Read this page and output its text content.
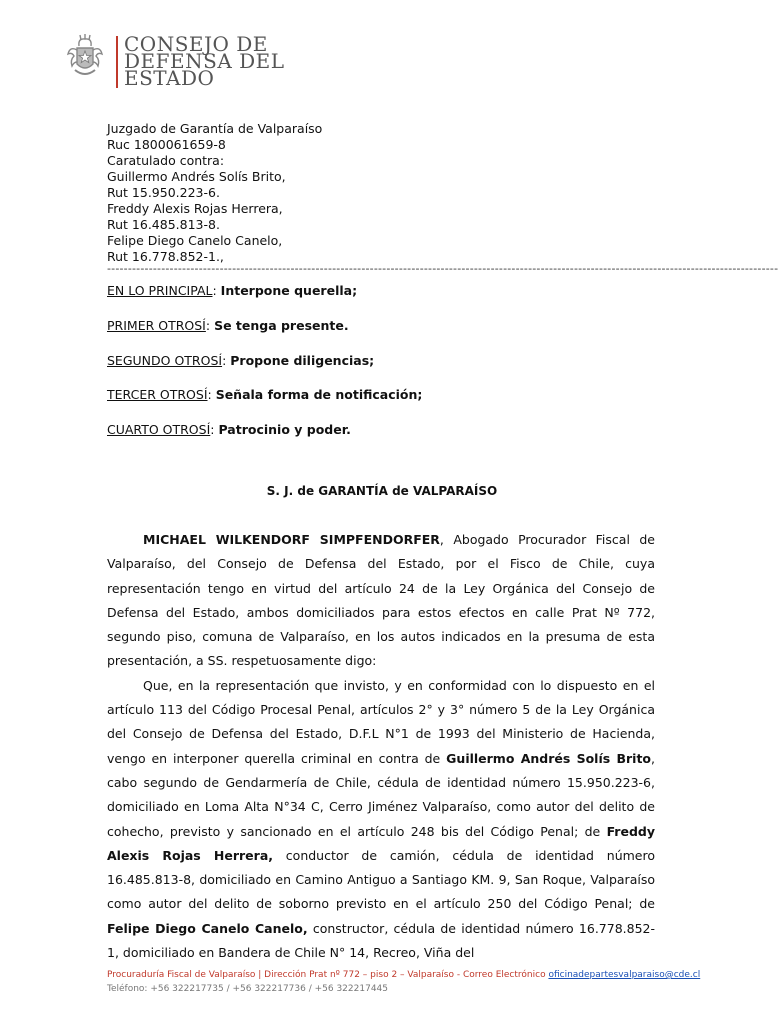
CONSEJO DE
DEFENSA DEL
ESTADO
Juzgado de Garantía de Valparaíso
Ruc 1800061659-8
Caratulado contra:
Guillermo Andrés Solís Brito,
Rut 15.950.223-6.
Freddy Alexis Rojas Herrera,
Rut 16.485.813-8.
Felipe Diego Canelo Canelo,
Rut 16.778.852-1.,
-----------------------------------------------------------------------------------------------------------------------------------------------------------------
EN LO PRINCIPAL: Interpone querella;
PRIMER OTROSÍ: Se tenga presente.
SEGUNDO OTROSÍ: Propone diligencias;
TERCER OTROSÍ: Señala forma de notificación;
CUARTO OTROSÍ: Patrocinio y poder.
S. J. de GARANTÍA de VALPARAÍSO

MICHAEL WILKENDORF SIMPFENDORFER, Abogado Procurador Fiscal de Valparaíso, del Consejo de Defensa del Estado, por el Fisco de Chile, cuya representación tengo en virtud del artículo 24 de la Ley Orgánica del Consejo de Defensa del Estado, ambos domiciliados para estos efectos en calle Prat Nº 772, segundo piso, comuna de Valparaíso, en los autos indicados en la presuma de esta presentación, a SS. respetuosamente digo:

Que, en la representación que invisto, y en conformidad con lo dispuesto en el artículo 113 del Código Procesal Penal, artículos 2° y 3° número 5 de la Ley Orgánica del Consejo de Defensa del Estado, D.F.L N°1 de 1993 del Ministerio de Hacienda, vengo en interponer querella criminal en contra de Guillermo Andrés Solís Brito, cabo segundo de Gendarmería de Chile, cédula de identidad número 15.950.223-6, domiciliado en Loma Alta N°34 C, Cerro Jiménez Valparaíso, como autor del delito de cohecho, previsto y sancionado en el artículo 248 bis del Código Penal; de Freddy Alexis Rojas Herrera, conductor de camión, cédula de identidad número 16.485.813-8, domiciliado en Camino Antiguo a Santiago KM. 9, San Roque, Valparaíso como autor del delito de soborno previsto en el artículo 250 del Código Penal; de Felipe Diego Canelo Canelo, constructor, cédula de identidad número 16.778.852-1, domiciliado en Bandera de Chile N° 14, Recreo, Viña del

Procuraduría Fiscal de Valparaíso | Dirección Prat nº 772 – piso 2 – Valparaíso - Correo Electrónico oficinadepartesvalparaiso@cde.cl
Teléfono: +56 322217735 / +56 322217736 / +56 322217445
